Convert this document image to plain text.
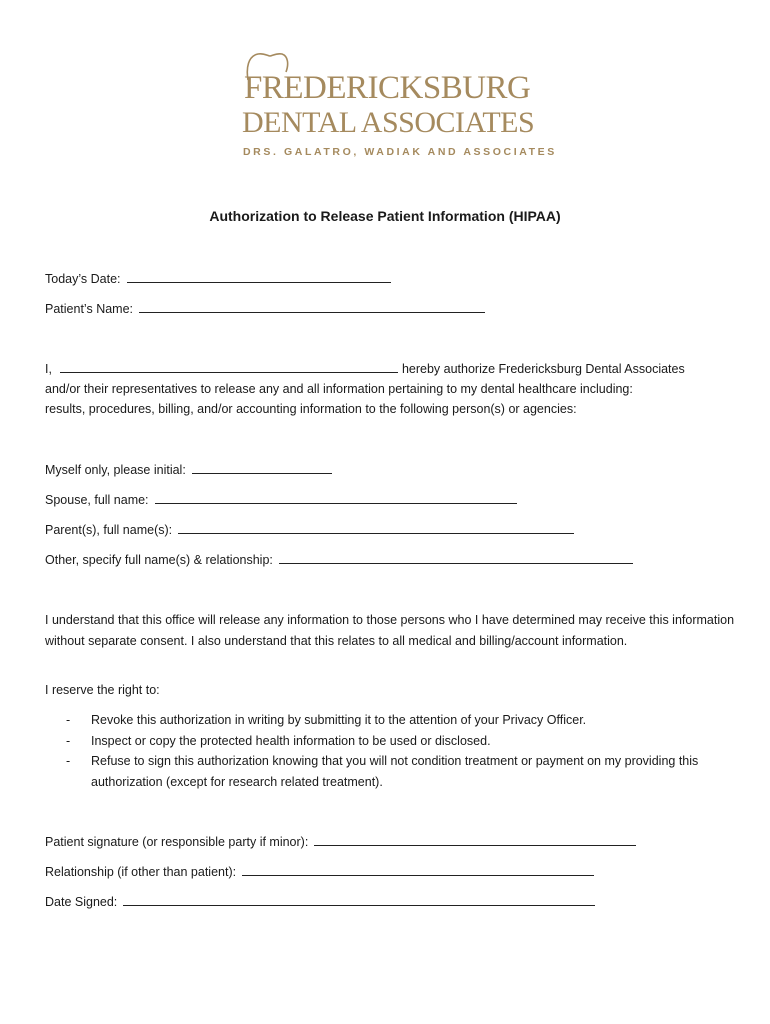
FREDERICKSBURG
DENTAL ASSOCIATES
DRS. GALATRO, WADIAK AND ASSOCIATES
Authorization to Release Patient Information (HIPAA)
Today’s Date:
Patient’s Name:
I,	hereby authorize Fredericksburg Dental Associates
and/or their representatives to release any and all information pertaining to my dental healthcare including:
results, procedures, billing, and/or accounting information to the following person(s) or agencies:
Myself only, please initial:
Spouse, full name:
Parent(s), full name(s):
Other, specify full name(s) & relationship:
I understand that this office will release any information to those persons who I have determined may receive this information without separate consent. I also understand that this relates to all medical and billing/account information.
I reserve the right to:
- Revoke this authorization in writing by submitting it to the attention of your Privacy Officer.
- Inspect or copy the protected health information to be used or disclosed.
- Refuse to sign this authorization knowing that you will not condition treatment or payment on my providing this authorization (except for research related treatment).
Patient signature (or responsible party if minor):
Relationship (if other than patient):
Date Signed:
